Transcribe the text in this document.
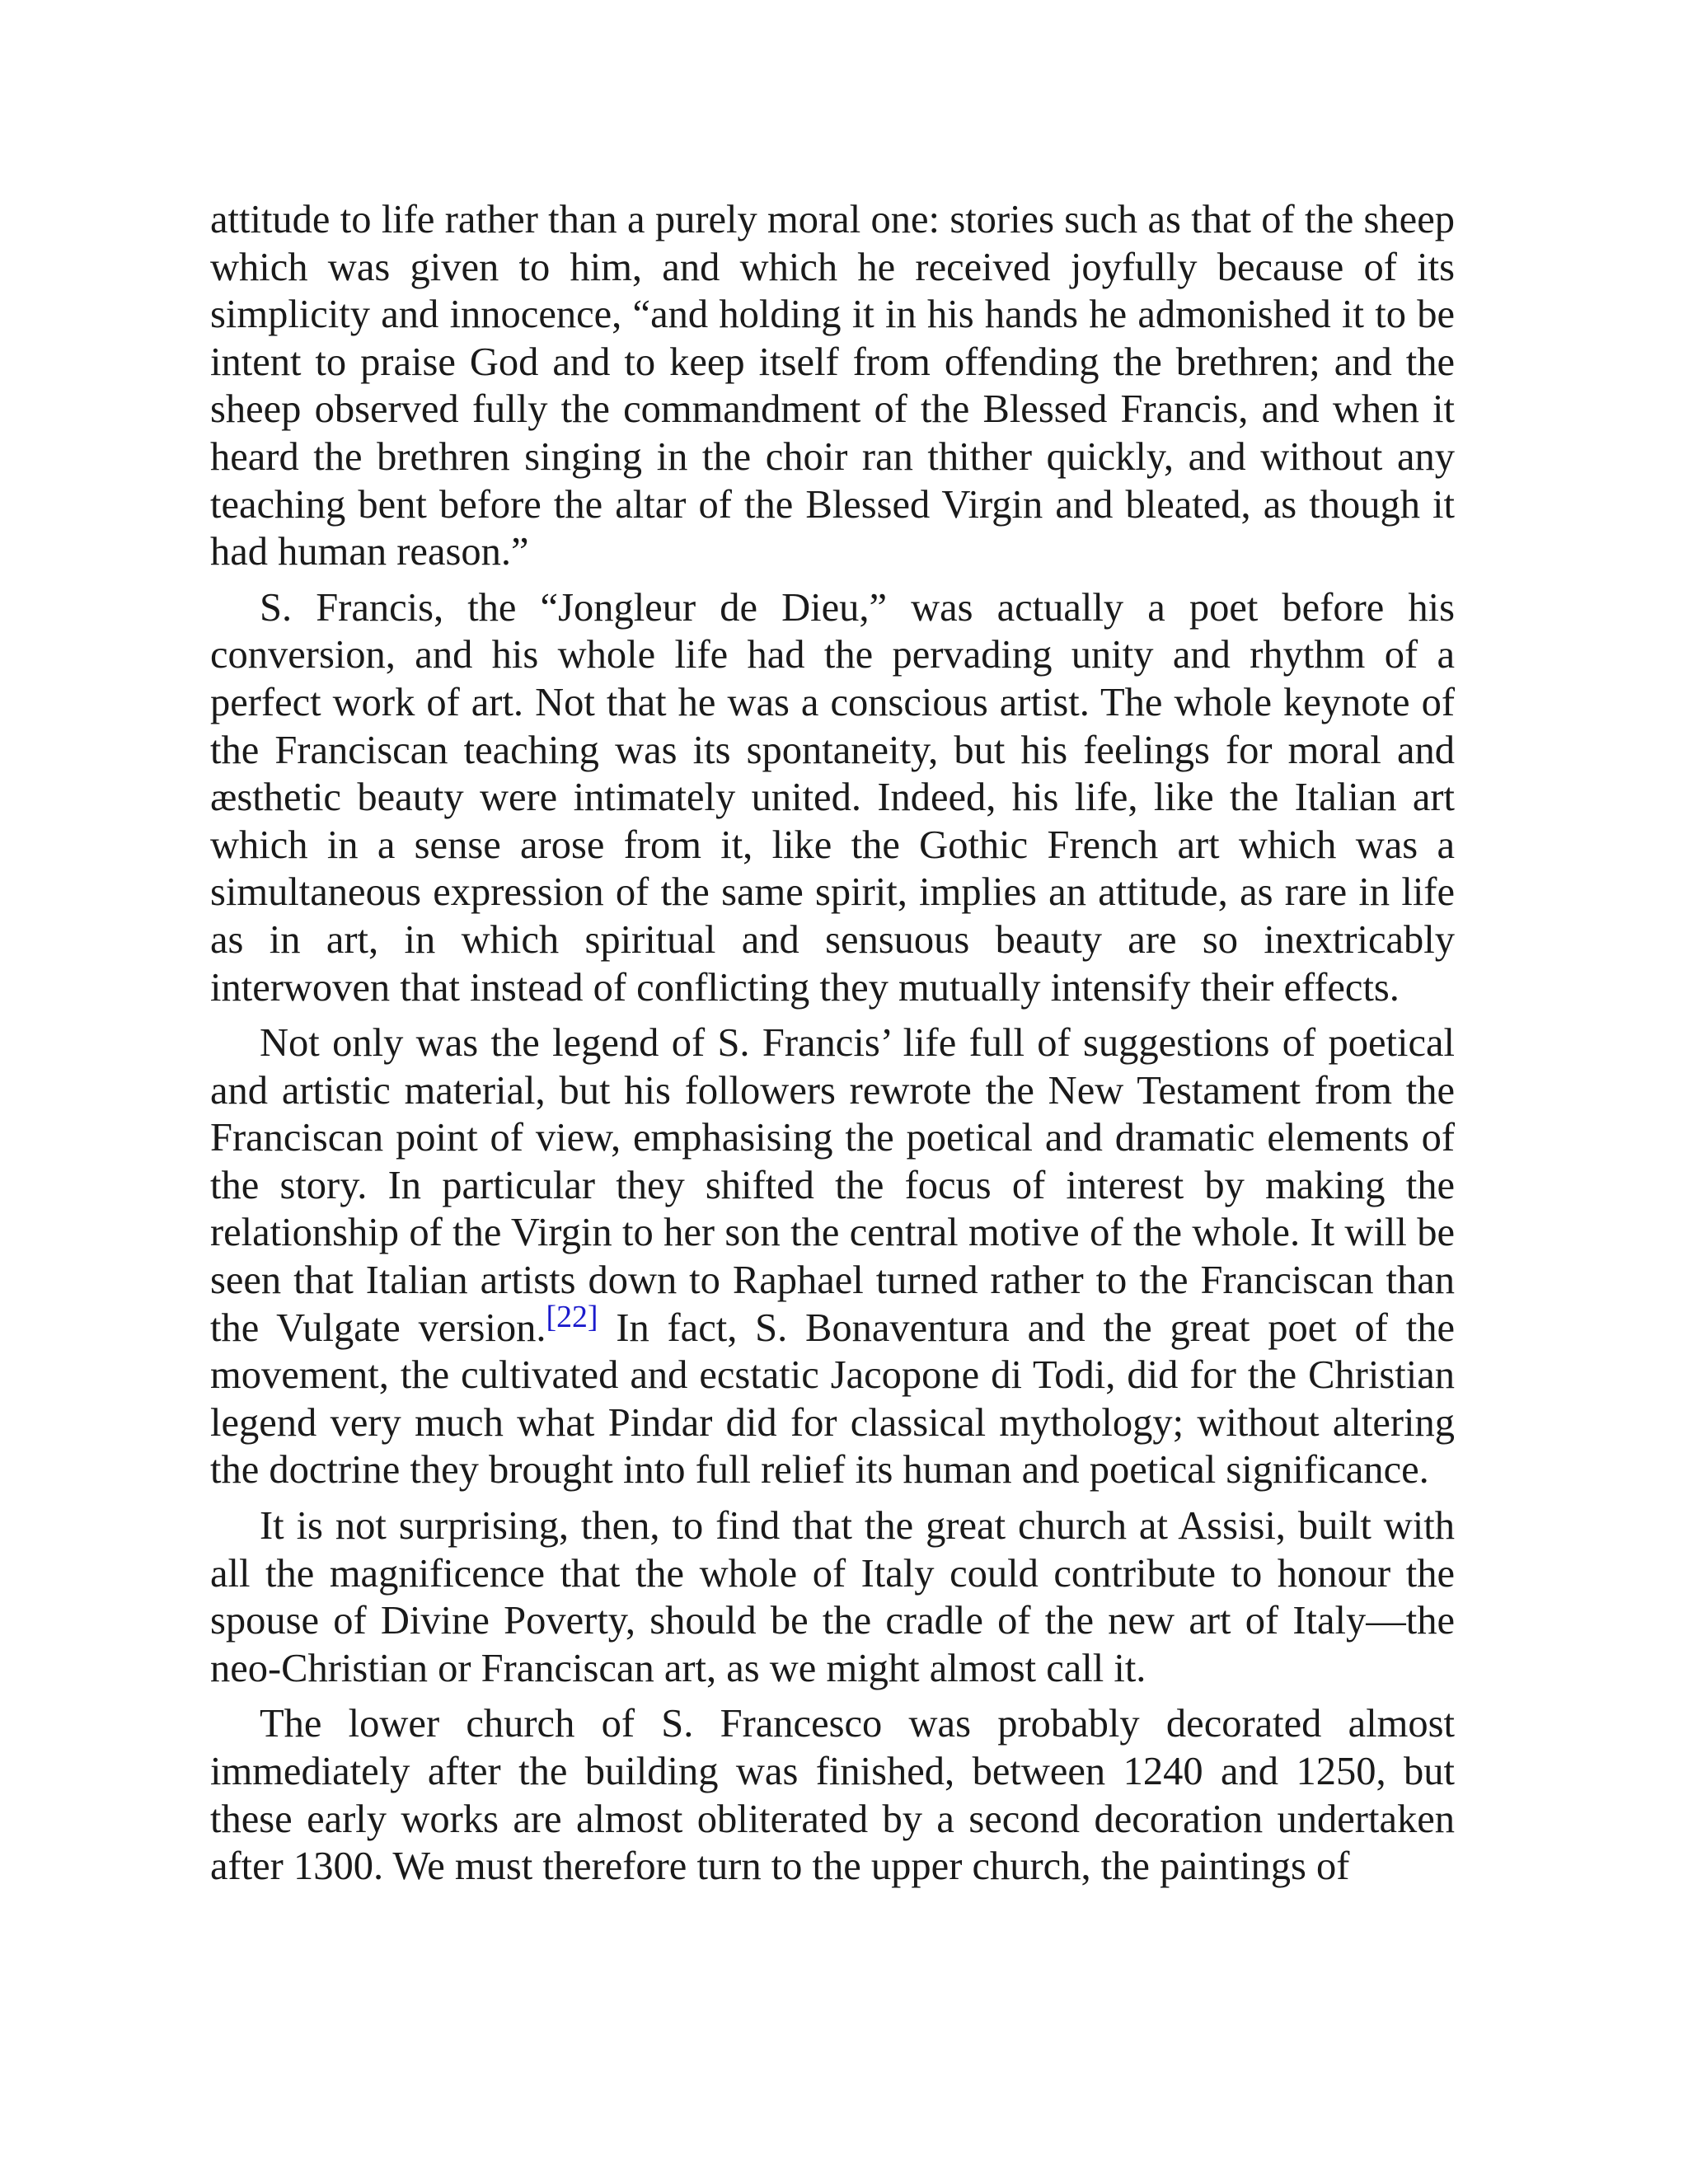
attitude to life rather than a purely moral one: stories such as that of the sheep which was given to him, and which he received joyfully because of its simplicity and innocence, “and holding it in his hands he admonished it to be intent to praise God and to keep itself from offending the brethren; and the sheep observed fully the commandment of the Blessed Francis, and when it heard the brethren singing in the choir ran thither quickly, and without any teaching bent before the altar of the Blessed Virgin and bleated, as though it had human reason.”

S. Francis, the “Jongleur de Dieu,” was actually a poet before his conversion, and his whole life had the pervading unity and rhythm of a perfect work of art. Not that he was a conscious artist. The whole keynote of the Franciscan teaching was its spontaneity, but his feelings for moral and æsthetic beauty were intimately united. Indeed, his life, like the Italian art which in a sense arose from it, like the Gothic French art which was a simultaneous expression of the same spirit, implies an attitude, as rare in life as in art, in which spiritual and sensuous beauty are so inextricably interwoven that instead of conflicting they mutually intensify their effects.

Not only was the legend of S. Francis’ life full of suggestions of poetical and artistic material, but his followers rewrote the New Testament from the Franciscan point of view, emphasising the poetical and dramatic elements of the story. In particular they shifted the focus of interest by making the relationship of the Virgin to her son the central motive of the whole. It will be seen that Italian artists down to Raphael turned rather to the Franciscan than the Vulgate version.[22] In fact, S. Bonaventura and the great poet of the movement, the cultivated and ecstatic Jacopone di Todi, did for the Christian legend very much what Pindar did for classical mythology; without altering the doctrine they brought into full relief its human and poetical significance.

It is not surprising, then, to find that the great church at Assisi, built with all the magnificence that the whole of Italy could contribute to honour the spouse of Divine Poverty, should be the cradle of the new art of Italy—the neo-Christian or Franciscan art, as we might almost call it.

The lower church of S. Francesco was probably decorated almost immediately after the building was finished, between 1240 and 1250, but these early works are almost obliterated by a second decoration undertaken after 1300. We must therefore turn to the upper church, the paintings of
